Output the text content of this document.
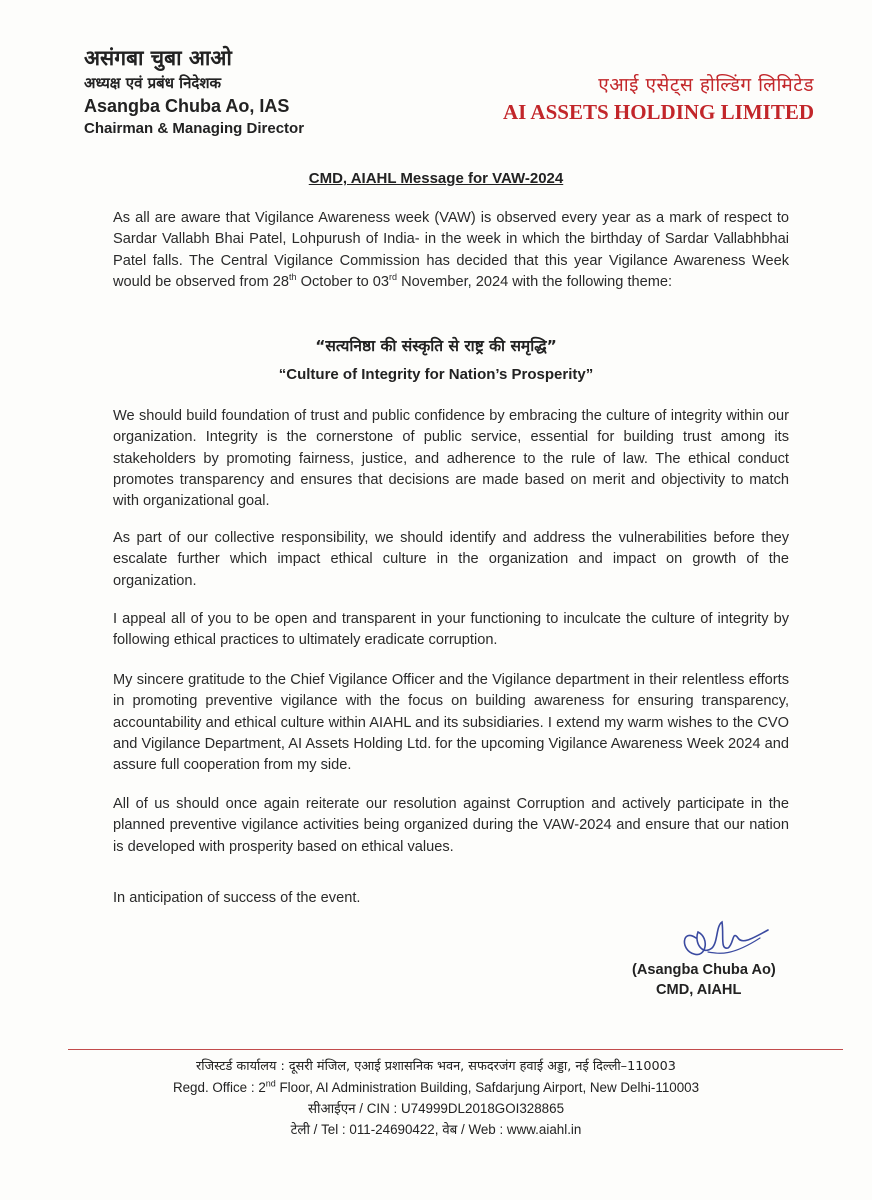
असंगबा चुबा आओ
अध्यक्ष एवं प्रबंध निदेशक
Asangba Chuba Ao, IAS
Chairman & Managing Director
एआई एसेट्स होल्डिंग लिमिटेड
AI ASSETS HOLDING LIMITED
CMD, AIAHL Message for VAW-2024
As all are aware that Vigilance Awareness week (VAW) is observed every year as a mark of respect to Sardar Vallabh Bhai Patel, Lohpurush of India- in the week in which the birthday of Sardar Vallabhbhai Patel falls. The Central Vigilance Commission has decided that this year Vigilance Awareness Week would be observed from 28th October to 03rd November, 2024 with the following theme:
“सत्यनिष्ठा की संस्कृति से राष्ट्र की समृद्धि”
“Culture of Integrity for Nation’s Prosperity”
We should build foundation of trust and public confidence by embracing the culture of integrity within our organization. Integrity is the cornerstone of public service, essential for building trust among its stakeholders by promoting fairness, justice, and adherence to the rule of law. The ethical conduct promotes transparency and ensures that decisions are made based on merit and objectivity to match with organizational goal.
As part of our collective responsibility, we should identify and address the vulnerabilities before they escalate further which impact ethical culture in the organization and impact on growth of the organization.
I appeal all of you to be open and transparent in your functioning to inculcate the culture of integrity by following ethical practices to ultimately eradicate corruption.
My sincere gratitude to the Chief Vigilance Officer and the Vigilance department in their relentless efforts in promoting preventive vigilance with the focus on building awareness for ensuring transparency, accountability and ethical culture within AIAHL and its subsidiaries. I extend my warm wishes to the CVO and Vigilance Department, AI Assets Holding Ltd. for the upcoming Vigilance Awareness Week 2024 and assure full cooperation from my side.
All of us should once again reiterate our resolution against Corruption and actively participate in the planned preventive vigilance activities being organized during the VAW-2024 and ensure that our nation is developed with prosperity based on ethical values.
In anticipation of success of the event.
(Asangba Chuba Ao)
CMD, AIAHL
रजिस्टर्ड कार्यालय : दूसरी मंजिल, एआई प्रशासनिक भवन, सफदरजंग हवाई अड्डा, नई दिल्ली–110003
Regd. Office : 2nd Floor, AI Administration Building, Safdarjung Airport, New Delhi-110003
सीआईएन / CIN : U74999DL2018GOI328865
टेली / Tel : 011-24690422, वेब / Web : www.aiahl.in
